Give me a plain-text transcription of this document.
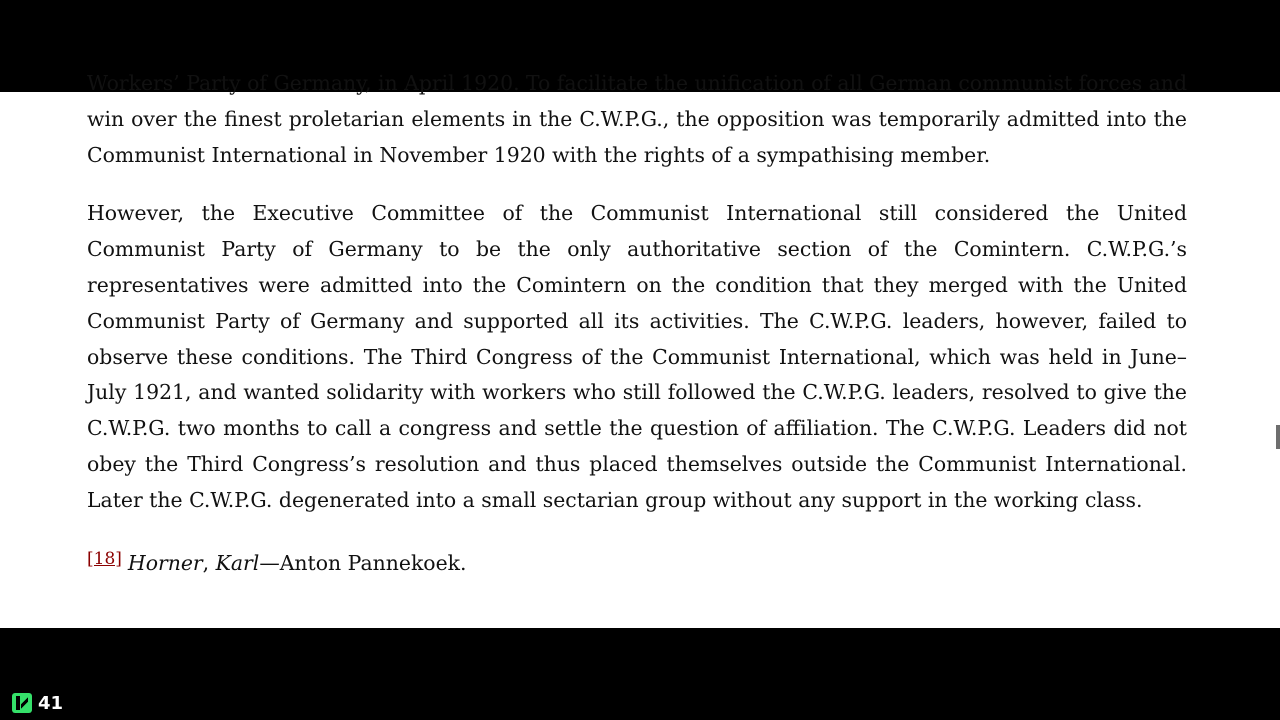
Workers’ Party of Germany, in April 1920. To facilitate the unification of all German communist forces and win over the finest proletarian elements in the C.W.P.G., the opposition was temporarily admitted into the Communist International in November 1920 with the rights of a sympathising member.

However, the Executive Committee of the Communist International still considered the United Communist Party of Germany to be the only authoritative section of the Comintern. C.W.P.G.’s representatives were admitted into the Comintern on the condition that they merged with the United Communist Party of Germany and supported all its activities. The C.W.P.G. leaders, however, failed to observe these conditions. The Third Congress of the Communist International, which was held in June–July 1921, and wanted solidarity with workers who still followed the C.W.P.G. leaders, resolved to give the C.W.P.G. two months to call a congress and settle the question of affiliation. The C.W.P.G. Leaders did not obey the Third Congress’s resolution and thus placed themselves outside the Communist International. Later the C.W.P.G. degenerated into a small sectarian group without any support in the working class.

[18] Horner, Karl—Anton Pannekoek.

41
